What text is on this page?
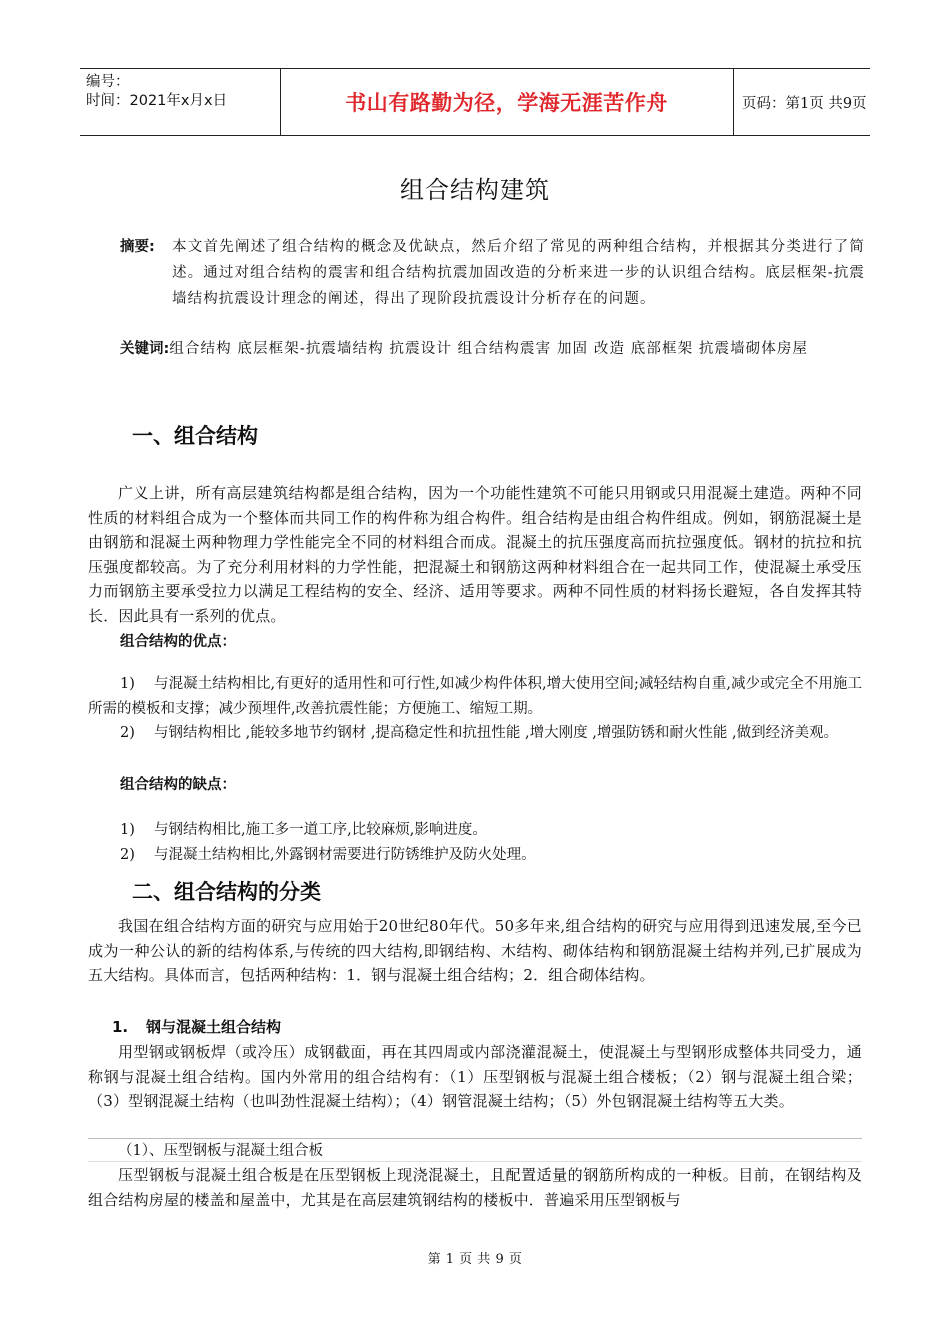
编号：
时间：2021年x月x日	书山有路勤为径，学海无涯苦作舟	页码：第1页 共9页
组合结构建筑
摘要: 本文首先阐述了组合结构的概念及优缺点，然后介绍了常见的两种组合结构，并根据其分类进行了简述。通过对组合结构的震害和组合结构抗震加固改造的分析来进一步的认识组合结构。底层框架-抗震墙结构抗震设计理念的阐述，得出了现阶段抗震设计分析存在的问题。
关键词:组合结构 底层框架-抗震墙结构 抗震设计 组合结构震害 加固 改造 底部框架 抗震墙砌体房屋
一、组合结构
广义上讲，所有高层建筑结构都是组合结构，因为一个功能性建筑不可能只用钢或只用混凝土建造。两种不同性质的材料组合成为一个整体而共同工作的构件称为组合构件。组合结构是由组合构件组成。例如，钢筋混凝土是由钢筋和混凝土两种物理力学性能完全不同的材料组合而成。混凝土的抗压强度高而抗拉强度低。钢材的抗拉和抗压强度都较高。为了充分利用材料的力学性能，把混凝土和钢筋这两种材料组合在一起共同工作，使混凝土承受压力而钢筋主要承受拉力以满足工程结构的安全、经济、适用等要求。两种不同性质的材料扬长避短，各自发挥其特长．因此具有一系列的优点。
组合结构的优点：
1) 与混凝土结构相比,有更好的适用性和可行性,如减少构件体积,增大使用空间;减轻结构自重,减少或完全不用施工所需的模板和支撑；减少预埋件,改善抗震性能；方便施工、缩短工期。
2) 与钢结构相比 ,能较多地节约钢材 ,提高稳定性和抗扭性能 ,增大刚度 ,增强防锈和耐火性能 ,做到经济美观。
组合结构的缺点：
1) 与钢结构相比,施工多一道工序,比较麻烦,影响进度。
2) 与混凝土结构相比,外露钢材需要进行防锈维护及防火处理。
二、组合结构的分类
我国在组合结构方面的研究与应用始于20世纪80年代。50多年来,组合结构的研究与应用得到迅速发展,至今已成为一种公认的新的结构体系,与传统的四大结构,即钢结构、木结构、砌体结构和钢筋混凝土结构并列,已扩展成为五大结构。具体而言，包括两种结构：1．钢与混凝土组合结构；2．组合砌体结构。
1. 钢与混凝土组合结构
用型钢或钢板焊（或冷压）成钢截面，再在其四周或内部浇灌混凝土，使混凝土与型钢形成整体共同受力，通称钢与混凝土组合结构。国内外常用的组合结构有：（1）压型钢板与混凝土组合楼板；（2）钢与混凝土组合梁；（3）型钢混凝土结构（也叫劲性混凝土结构）；（4）钢管混凝土结构；（5）外包钢混凝土结构等五大类。
（1）、压型钢板与混凝土组合板
压型钢板与混凝土组合板是在压型钢板上现浇混凝土，且配置适量的钢筋所构成的一种板。目前，在钢结构及组合结构房屋的楼盖和屋盖中，尤其是在高层建筑钢结构的楼板中．普遍采用压型钢板与
第 1 页 共 9 页
